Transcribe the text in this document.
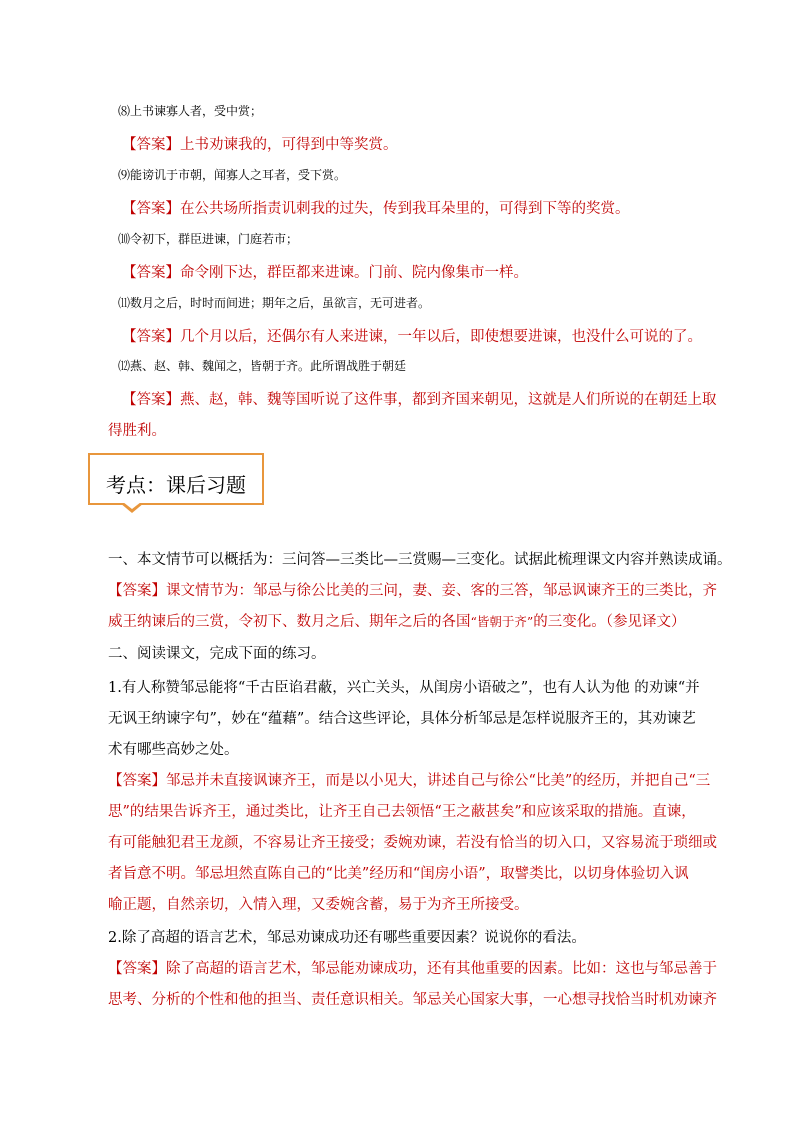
⑻上书谏寡人者，受中赏；
【答案】上书劝谏我的，可得到中等奖赏。
⑼能谤讥于市朝，闻寡人之耳者，受下赏。
【答案】在公共场所指责讥刺我的过失，传到我耳朵里的，可得到下等的奖赏。
⑽令初下，群臣进谏，门庭若市；
【答案】命令刚下达，群臣都来进谏。门前、院内像集市一样。
⑾数月之后，时时而间进；期年之后，虽欲言，无可进者。
【答案】几个月以后，还偶尔有人来进谏，一年以后，即使想要进谏，也没什么可说的了。
⑿燕、赵、韩、魏闻之，皆朝于齐。此所谓战胜于朝廷
【答案】燕、赵，韩、魏等国听说了这件事，都到齐国来朝见，这就是人们所说的在朝廷上取
得胜利。
考点：课后习题
一、本文情节可以概括为：三问答—三类比—三赏赐—三变化。试据此梳理课文内容并熟读成诵。
【答案】课文情节为：邹忌与徐公比美的三问，妻、妾、客的三答，邹忌讽谏齐王的三类比，齐
威王纳谏后的三赏，令初下、数月之后、期年之后的各国“皆朝于齐”的三变化。（参见译文）
二、阅读课文，完成下面的练习。
1.有人称赞邹忌能将“千古臣谄君蔽，兴亡关头，从闺房小语破之”，也有人认为他 的劝谏“并
无讽王纳谏字句”，妙在“蕴藉”。结合这些评论，具体分析邹忌是怎样说服齐王的，其劝谏艺
术有哪些高妙之处。
【答案】邹忌并未直接讽谏齐王，而是以小见大，讲述自己与徐公“比美”的经历，并把自己“三
思”的结果告诉齐王，通过类比，让齐王自己去领悟“王之蔽甚矣”和应该采取的措施。直谏，
有可能触犯君王龙颜，不容易让齐王接受；委婉劝谏，若没有恰当的切入口，又容易流于琐细或
者旨意不明。邹忌坦然直陈自己的“比美”经历和“闺房小语”，取譬类比，以切身体验切入讽
喻正题，自然亲切，入情入理，又委婉含蓄，易于为齐王所接受。
2.除了高超的语言艺术，邹忌劝谏成功还有哪些重要因素？说说你的看法。
【答案】除了高超的语言艺术，邹忌能劝谏成功，还有其他重要的因素。比如：这也与邹忌善于
思考、分析的个性和他的担当、责任意识相关。邹忌关心国家大事，一心想寻找恰当时机劝谏齐
